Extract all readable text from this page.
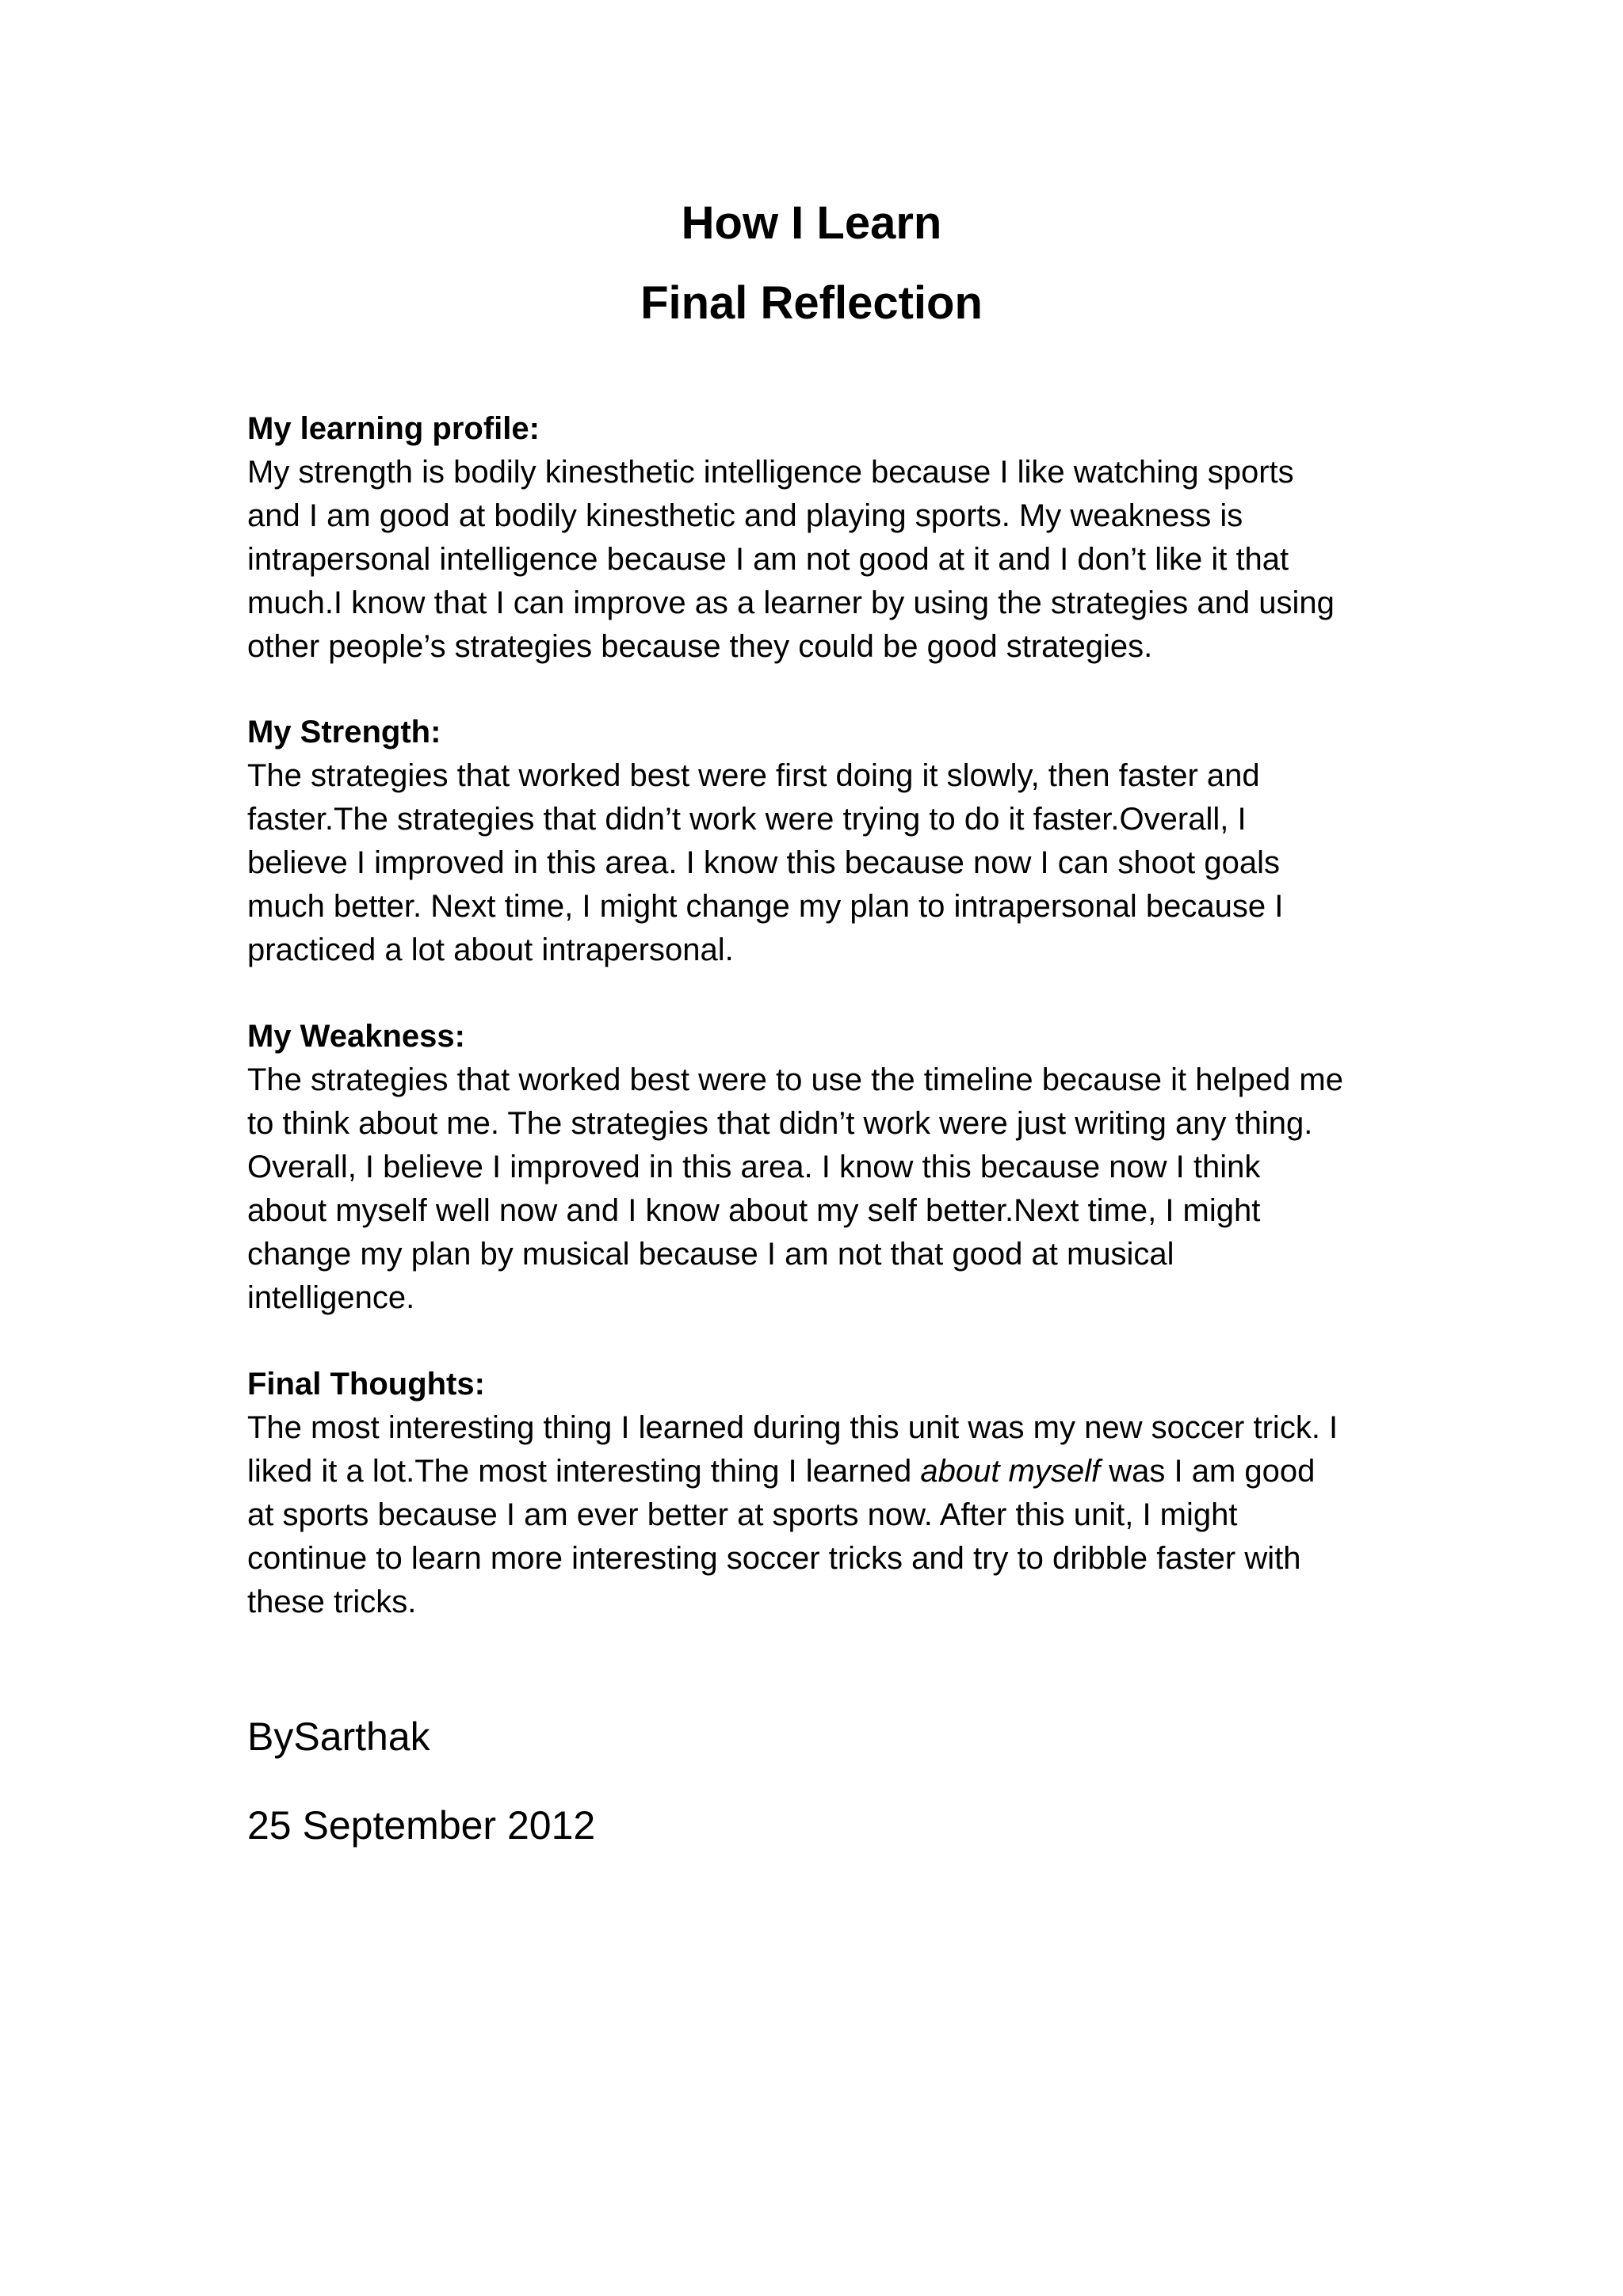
How I Learn
Final Reflection
My learning profile:

My strength is bodily kinesthetic intelligence because I like watching sports
and I am good at bodily kinesthetic and playing sports. My weakness is
intrapersonal intelligence because I am not good at it and I don’t like it that
much.I know that I can improve as a learner by using the strategies and using
other people’s strategies because they could be good strategies.

My Strength:

The strategies that worked best were first doing it slowly, then faster and
faster.The strategies that didn’t work were trying to do it faster.Overall, I
believe I improved in this area. I know this because now I can shoot goals
much better. Next time, I might change my plan to intrapersonal because I
practiced a lot about intrapersonal.

My Weakness:

The strategies that worked best were to use the timeline because it helped me
to think about me. The strategies that didn’t work were just writing any thing.
Overall, I believe I improved in this area. I know this because now I think
about myself well now and I know about my self better.Next time, I might
change my plan by musical because I am not that good at musical
intelligence.

Final Thoughts:

The most interesting thing I learned during this unit was my new soccer trick. I
liked it a lot.The most interesting thing I learned about myself was I am good
at sports because I am ever better at sports now. After this unit, I might
continue to learn more interesting soccer tricks and try to dribble faster with
these tricks.

BySarthak

25 September 2012
